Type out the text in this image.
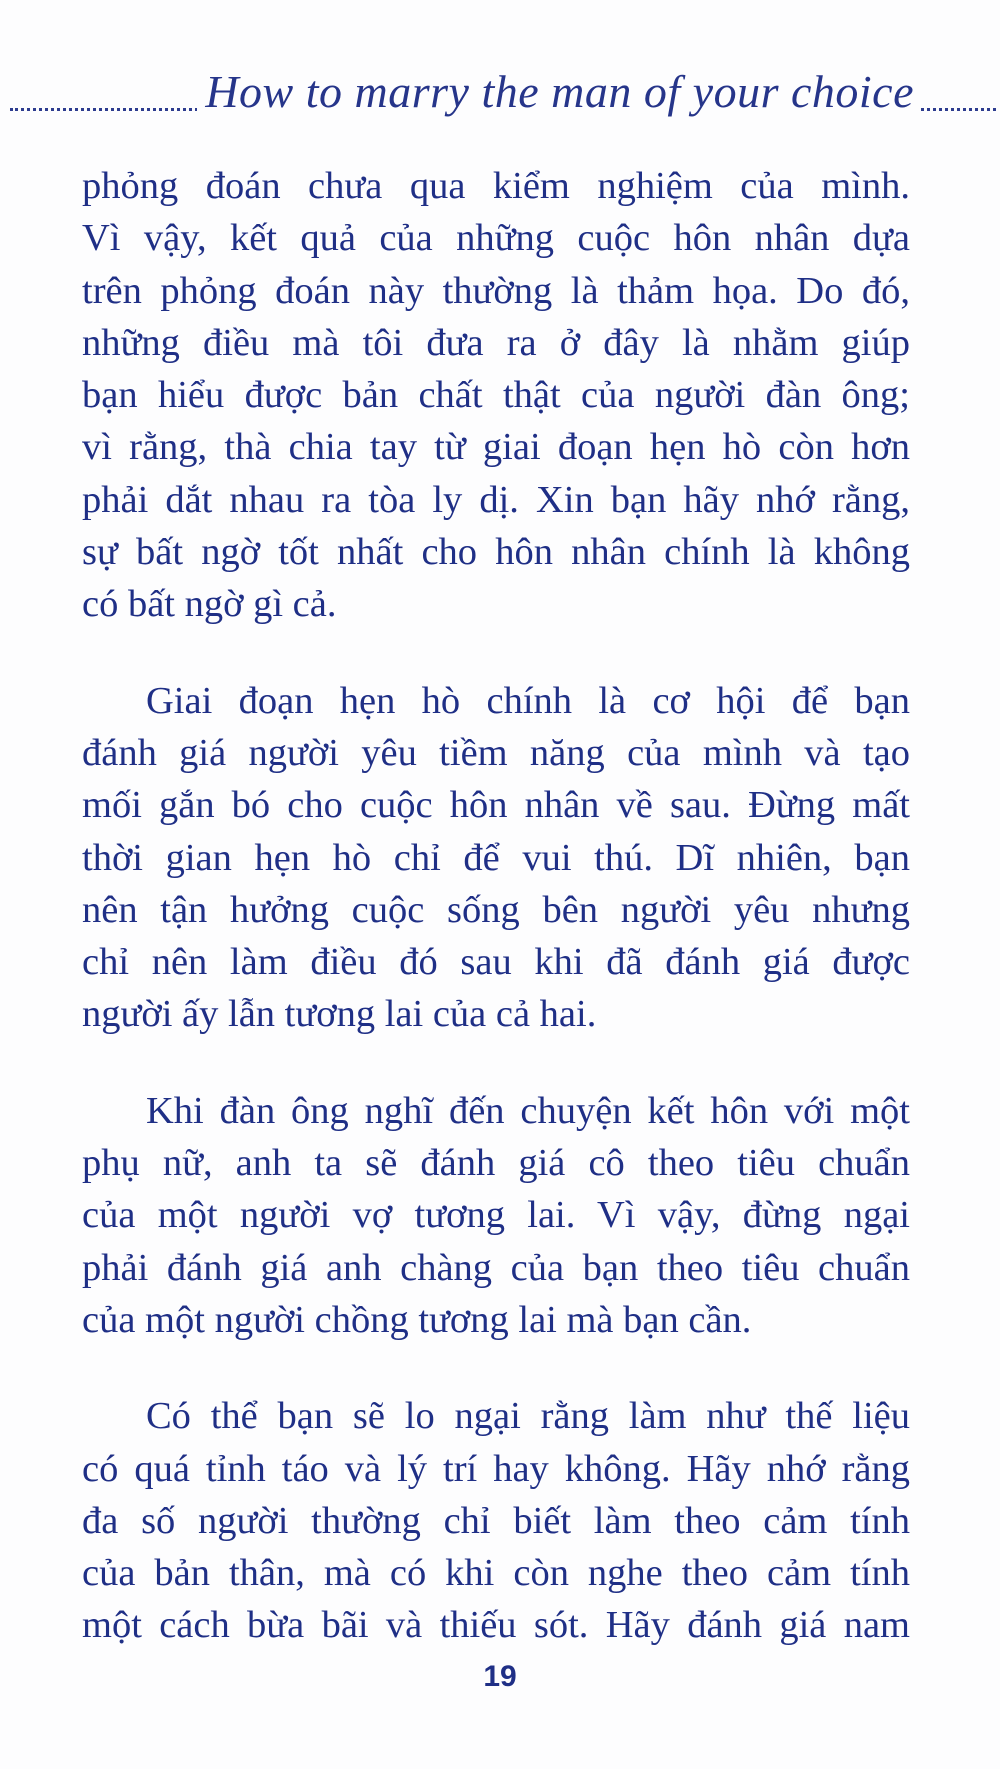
How to marry the man of your choice
phỏng đoán chưa qua kiểm nghiệm của mình.
Vì vậy, kết quả của những cuộc hôn nhân dựa
trên phỏng đoán này thường là thảm họa. Do đó,
những điều mà tôi đưa ra ở đây là nhằm giúp
bạn hiểu được bản chất thật của người đàn ông;
vì rằng, thà chia tay từ giai đoạn hẹn hò còn hơn
phải dắt nhau ra tòa ly dị. Xin bạn hãy nhớ rằng,
sự bất ngờ tốt nhất cho hôn nhân chính là không
có bất ngờ gì cả.
Giai đoạn hẹn hò chính là cơ hội để bạn
đánh giá người yêu tiềm năng của mình và tạo
mối gắn bó cho cuộc hôn nhân về sau. Đừng mất
thời gian hẹn hò chỉ để vui thú. Dĩ nhiên, bạn
nên tận hưởng cuộc sống bên người yêu nhưng
chỉ nên làm điều đó sau khi đã đánh giá được
người ấy lẫn tương lai của cả hai.
Khi đàn ông nghĩ đến chuyện kết hôn với một
phụ nữ, anh ta sẽ đánh giá cô theo tiêu chuẩn
của một người vợ tương lai. Vì vậy, đừng ngại
phải đánh giá anh chàng của bạn theo tiêu chuẩn
của một người chồng tương lai mà bạn cần.
Có thể bạn sẽ lo ngại rằng làm như thế liệu
có quá tỉnh táo và lý trí hay không. Hãy nhớ rằng
đa số người thường chỉ biết làm theo cảm tính
của bản thân, mà có khi còn nghe theo cảm tính
một cách bừa bãi và thiếu sót. Hãy đánh giá nam
19
